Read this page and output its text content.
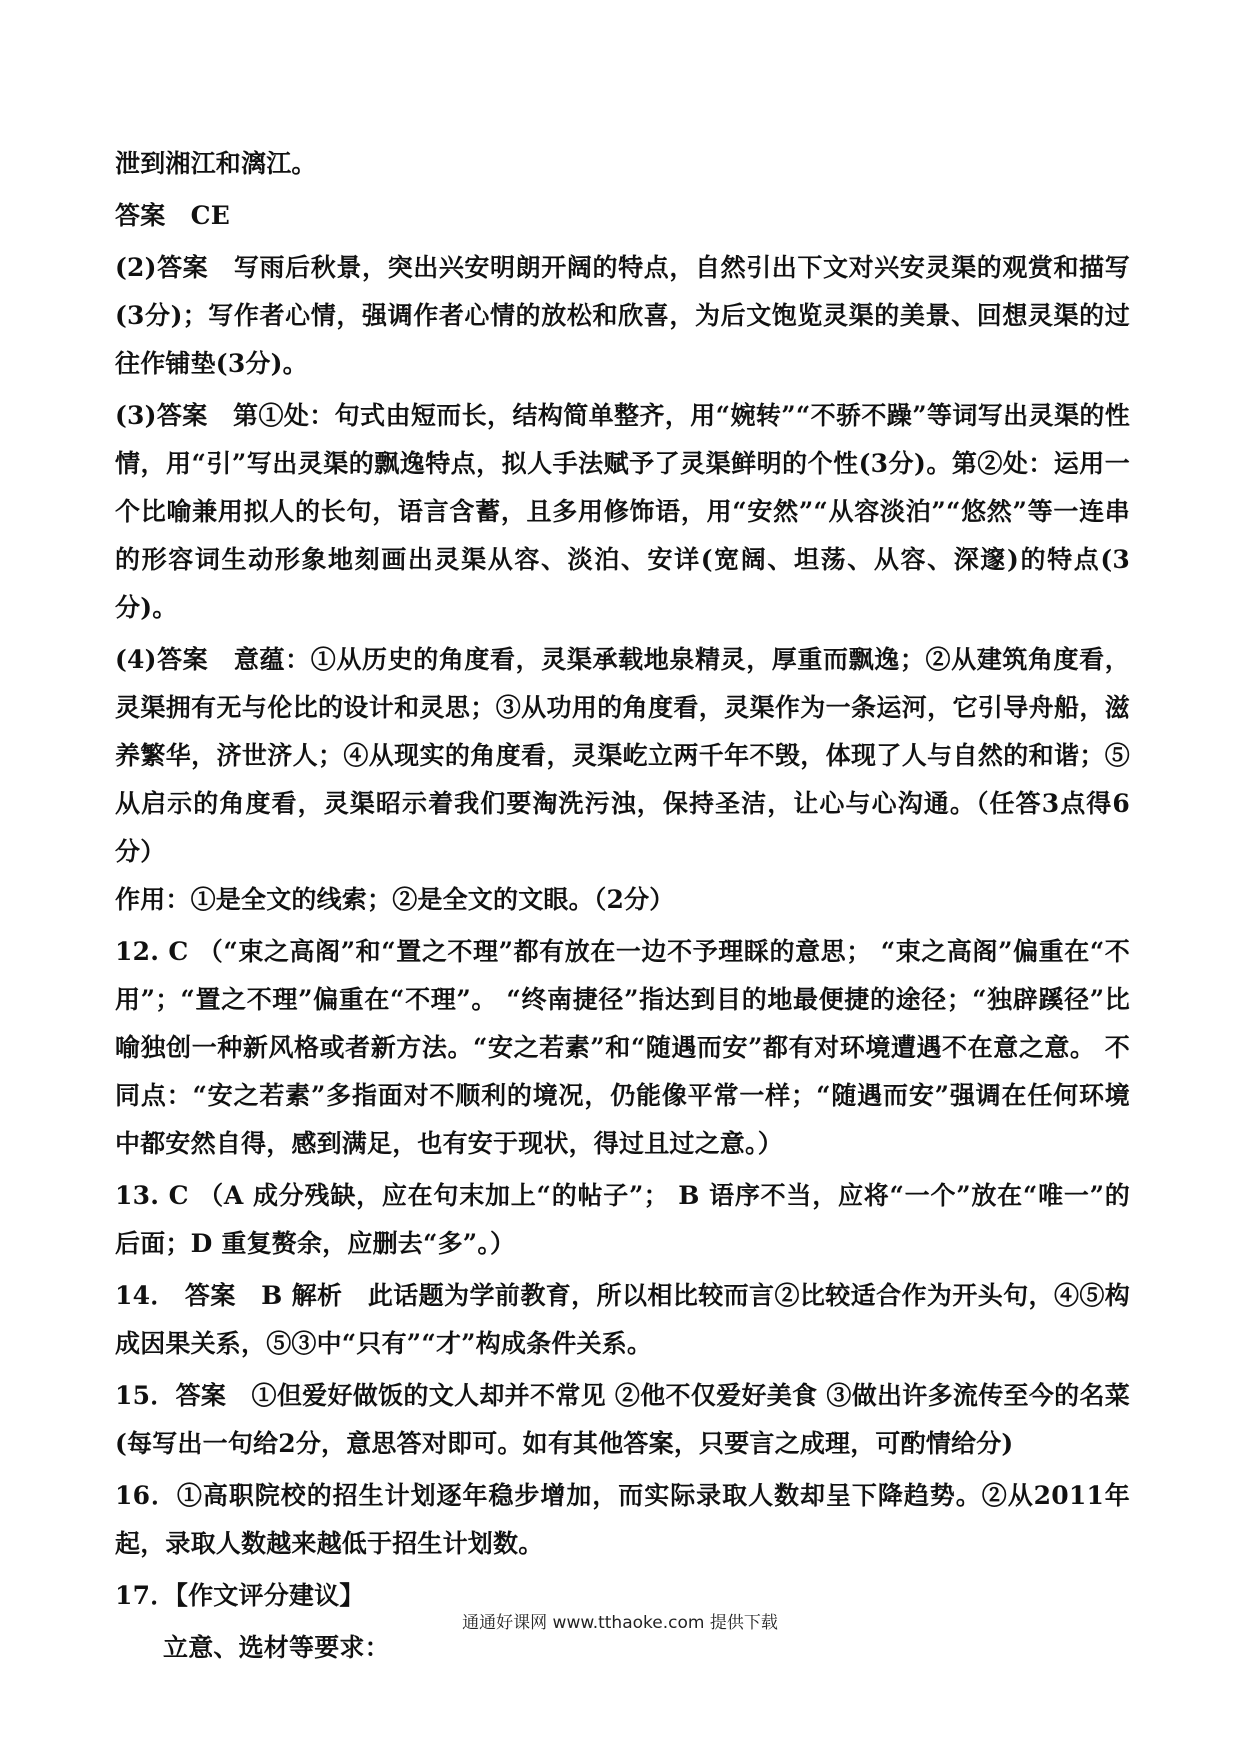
泄到湘江和漓江。

答案　CE

(2)答案　写雨后秋景，突出兴安明朗开阔的特点，自然引出下文对兴安灵渠的观赏和描写(3分)；写作者心情，强调作者心情的放松和欣喜，为后文饱览灵渠的美景、回想灵渠的过往作铺垫(3分)。

(3)答案　第①处：句式由短而长，结构简单整齐，用“婉转”“不骄不躁”等词写出灵渠的性情，用“引”写出灵渠的飘逸特点，拟人手法赋予了灵渠鲜明的个性(3分)。第②处：运用一个比喻兼用拟人的长句，语言含蓄，且多用修饰语，用“安然”“从容淡泊”“悠然”等一连串的形容词生动形象地刻画出灵渠从容、淡泊、安详(宽阔、坦荡、从容、深邃)的特点(3分)。

(4)答案　意蕴：①从历史的角度看，灵渠承载地泉精灵，厚重而飘逸；②从建筑角度看，灵渠拥有无与伦比的设计和灵思；③从功用的角度看，灵渠作为一条运河，它引导舟船，滋养繁华，济世济人；④从现实的角度看，灵渠屹立两千年不毁，体现了人与自然的和谐；⑤从启示的角度看，灵渠昭示着我们要淘洗污浊，保持圣洁，让心与心沟通。（任答3点得6分）

作用：①是全文的线索；②是全文的文眼。（2分）

12. C （“束之高阁”和“置之不理”都有放在一边不予理睬的意思； “束之高阁”偏重在“不用”；“置之不理”偏重在“不理”。 “终南捷径”指达到目的地最便捷的途径；“独辟蹊径”比喻独创一种新风格或者新方法。“安之若素”和“随遇而安”都有对环境遭遇不在意之意。 不同点：“安之若素”多指面对不顺利的境况，仍能像平常一样；“随遇而安”强调在任何环境中都安然自得，感到满足，也有安于现状，得过且过之意。）

13. C （A 成分残缺，应在句末加上“的帖子”； B 语序不当，应将“一个”放在“唯一”的后面；D 重复赘余，应删去“多”。）

14． 答案　B 解析　此话题为学前教育，所以相比较而言②比较适合作为开头句，④⑤构成因果关系，⑤③中“只有”“才”构成条件关系。

15．答案　①但爱好做饭的文人却并不常见 ②他不仅爱好美食 ③做出许多流传至今的名菜(每写出一句给2分，意思答对即可。如有其他答案，只要言之成理，可酌情给分)

16．①高职院校的招生计划逐年稳步增加，而实际录取人数却呈下降趋势。②从2011年起，录取人数越来越低于招生计划数。

17．【作文评分建议】

立意、选材等要求：

通通好课网 www.tthaoke.com 提供下载
